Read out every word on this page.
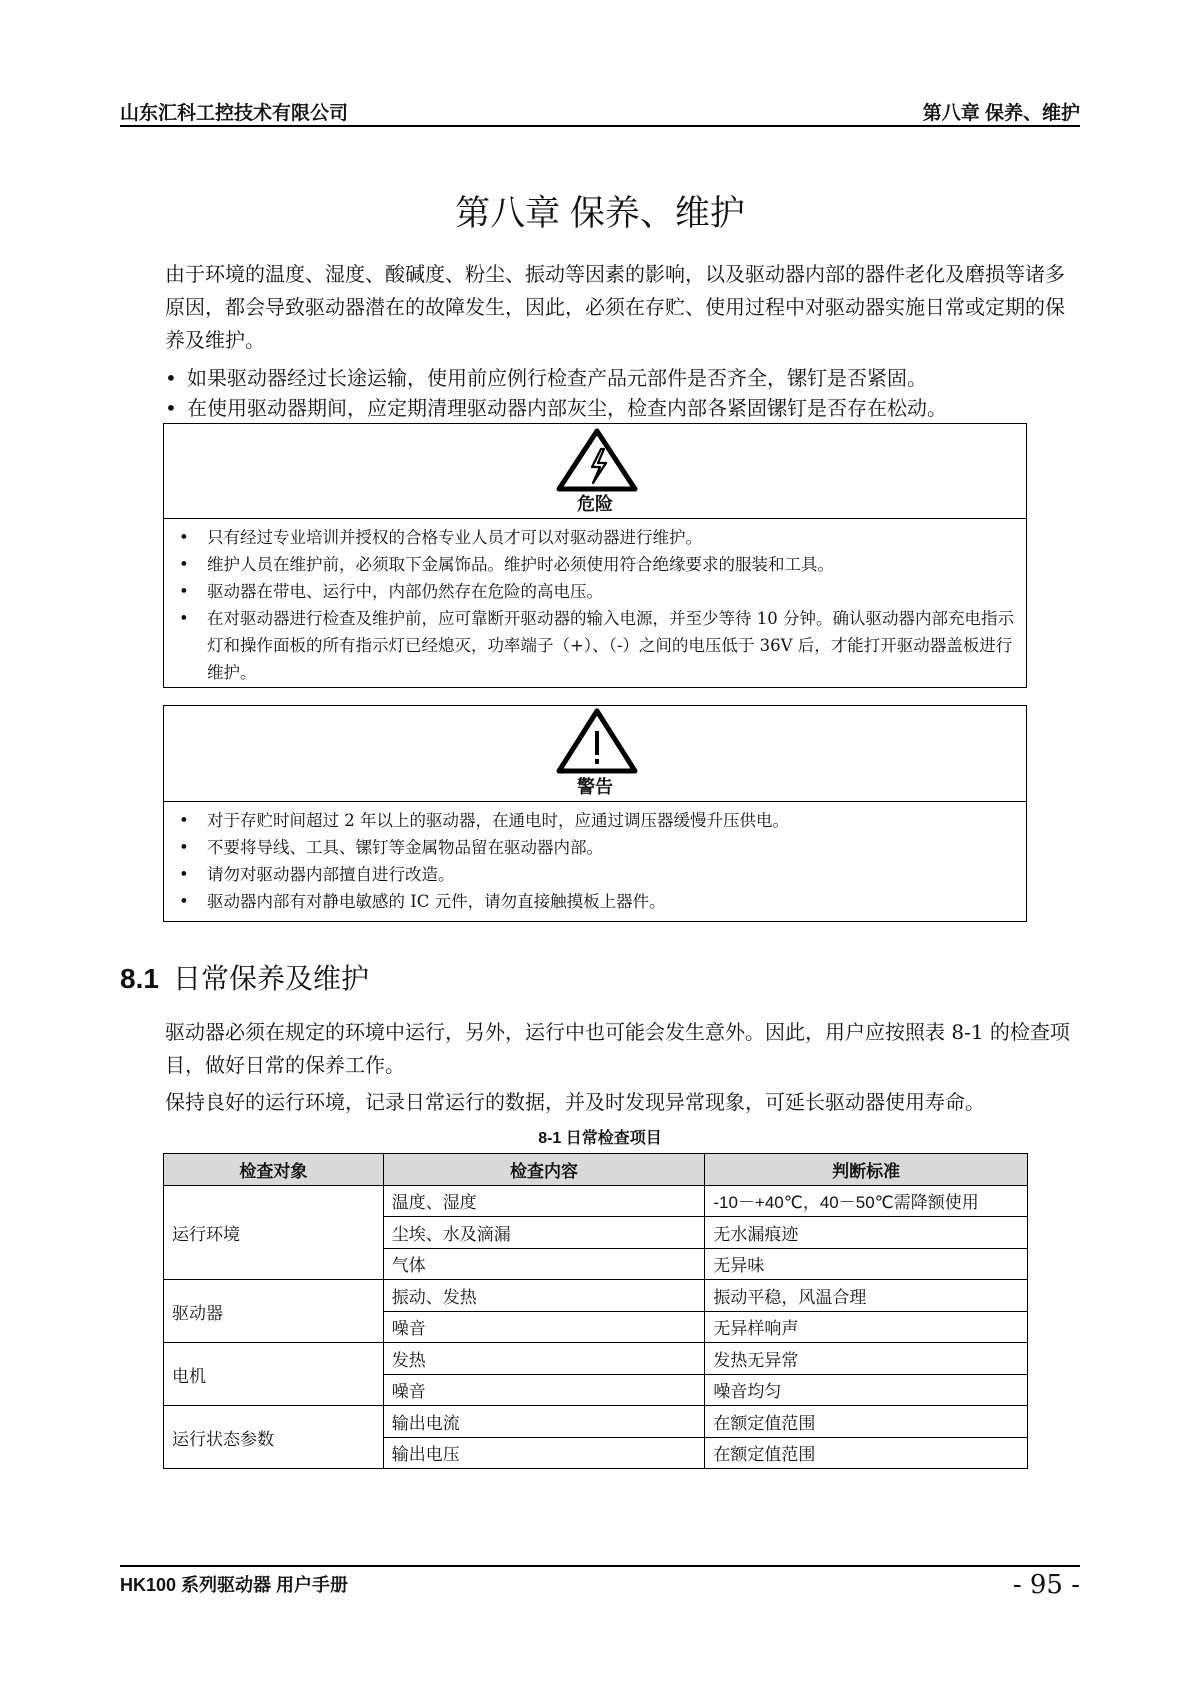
山东汇科工控技术有限公司	第八章 保养、维护
第八章 保养、维护
由于环境的温度、湿度、酸碱度、粉尘、振动等因素的影响，以及驱动器内部的器件老化及磨损等诸多原因，都会导致驱动器潜在的故障发生，因此，必须在存贮、使用过程中对驱动器实施日常或定期的保养及维护。
• 如果驱动器经过长途运输，使用前应例行检查产品元部件是否齐全，镙钉是否紧固。
• 在使用驱动器期间，应定期清理驱动器内部灰尘，检查内部各紧固镙钉是否存在松动。
危险
• 只有经过专业培训并授权的合格专业人员才可以对驱动器进行维护。
• 维护人员在维护前，必须取下金属饰品。维护时必须使用符合绝缘要求的服装和工具。
• 驱动器在带电、运行中，内部仍然存在危险的高电压。
• 在对驱动器进行检查及维护前，应可靠断开驱动器的输入电源，并至少等待 10 分钟。确认驱动器内部充电指示灯和操作面板的所有指示灯已经熄灭，功率端子（+）、（-）之间的电压低于 36V 后，才能打开驱动器盖板进行维护。
警告
• 对于存贮时间超过 2 年以上的驱动器，在通电时，应通过调压器缓慢升压供电。
• 不要将导线、工具、镙钉等金属物品留在驱动器内部。
• 请勿对驱动器内部擅自进行改造。
• 驱动器内部有对静电敏感的 IC 元件，请勿直接触摸板上器件。
8.1 日常保养及维护
驱动器必须在规定的环境中运行，另外，运行中也可能会发生意外。因此，用户应按照表 8-1 的检查项目，做好日常的保养工作。
保持良好的运行环境，记录日常运行的数据，并及时发现异常现象，可延长驱动器使用寿命。
8-1 日常检查项目
检查对象	检查内容	判断标准
运行环境	温度、湿度	-10－+40℃，40－50℃需降额使用
	尘埃、水及滴漏	无水漏痕迹
	气体	无异味
驱动器	振动、发热	振动平稳，风温合理
	噪音	无异样响声
电机	发热	发热无异常
	噪音	噪音均匀
运行状态参数	输出电流	在额定值范围
	输出电压	在额定值范围
HK100 系列驱动器 用户手册	- 95 -
